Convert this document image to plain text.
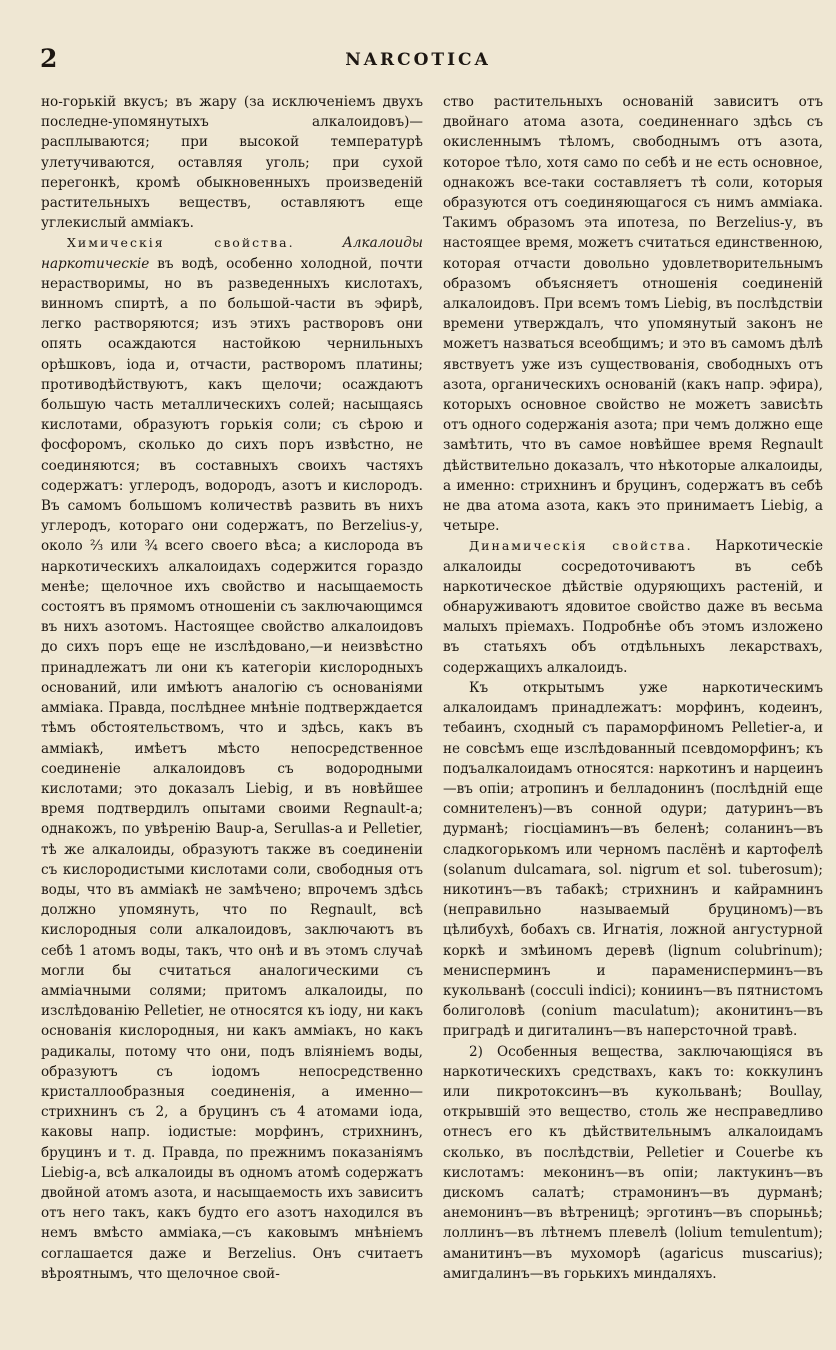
2	NARCOTICA

но-горькій вкусъ; въ жару (за исключеніемъ двухъ последне-упомянутыхъ алкалоидовъ)— расплываются; при высокой температурѣ улетучиваются, оставляя уголь; при сухой перегонкѣ, кромѣ обыкновенныхъ произведеній растительныхъ веществъ, оставляютъ еще углекислый аммiакъ.

Химическія свойства.	Алкалоиды наркотическіе въ водѣ, особенно холодной, почти нерастворимы, но въ разведенныхъ кислотахъ, винномъ спиртѣ, а по большой-части въ эфирѣ, легко растворяются; изъ этихъ растворовъ они опять осаждаются настойкою чернильныхъ орѣшковъ, іода и, отчасти, растворомъ платины; противодѣйствуютъ, какъ щелочи; осаждаютъ большую часть металлическихъ солей; насыщаясь кислотами, образуютъ горькія соли; съ сѣрою и фосфоромъ, сколько до сихъ поръ извѣстно, не соединяются; въ составныхъ своихъ частяхъ содержатъ: углеродъ, водородъ, азотъ и кислородъ. Въ самомъ большомъ количествѣ развить въ нихъ углеродъ, котораго они содержатъ, по Berzelius-у, около ⅔ или ¾ всего своего вѣса; а кислорода въ наркотическихъ алкалоидахъ содержится гораздо менѣе; щелочное ихъ свойство и насыщаемость состоятъ въ прямомъ отношеніи съ заключающимся въ нихъ азотомъ. Настоящее свойство алкалоидовъ до сихъ поръ еще не изслѣдовано,—и неизвѣстно принадлежатъ ли они къ категоріи кислородныхъ оснований, или имѣютъ аналогію съ основаніями аммiака. Правда, послѣднее мнѣніе подтверждается тѣмъ обстоятельствомъ, что и здѣсь, какъ въ аммiакѣ, имѣетъ мѣсто непосредственное соединеніе алкалоидовъ съ водородными кислотами; это доказалъ Liebig, и въ новѣйшее время подтвердилъ опытами своими Regnault-а; однакожъ, по увѣренію Baup-а, Serullas-а и Pelletier, тѣ же алкалоиды, образуютъ также въ соединеніи съ кислородистыми кислотами соли, свободныя отъ воды, что въ аммiакѣ не замѣчено; впрочемъ здѣсь должно упомянуть, что по Regnault, всѣ кислородныя соли алкалоидовъ, заключаютъ въ себѣ 1 атомъ воды, такъ, что онѣ и въ этомъ случаѣ могли бы считаться аналогическими съ аммiачными солями; притомъ алкалоиды, по изслѣдованію Pelletier, не относятся къ іоду, ни какъ основанія кислородныя, ни какъ аммiакъ, но какъ радикалы, потому что они, подъ вліяніемъ воды, образуютъ съ іодомъ непосредственно кристаллообразныя соединенія, а именно—стрихнинъ съ 2, а бруцинъ съ 4 атомами іода, каковы напр. іодистые: морфинъ, стрихнинъ, бруцинъ и т. д. Правда, по прежнимъ показаніямъ Liebig-а, всѣ алкалоиды въ одномъ атомѣ содержатъ двойной атомъ азота, и насыщаемость ихъ зависитъ отъ него такъ, какъ будто его азотъ находился въ немъ вмѣсто аммiака,—съ каковымъ мнѣніемъ соглашается даже и Berzelius. Онъ считаетъ вѣроятнымъ, что щелочное свой-

ство растительныхъ основаній зависитъ отъ двойнаго атома азота, соединеннаго здѣсь съ окисленнымъ тѣломъ, свободнымъ отъ азота, которое тѣло, хотя само по себѣ и не есть основное, однакожъ все-таки составляетъ тѣ соли, которыя образуются отъ соединяющагося съ нимъ аммiака. Такимъ образомъ эта ипотеза, по Berzelius-у, въ настоящее время, можетъ считаться единственною, которая отчасти довольно удовлетворительнымъ образомъ объясняетъ отношенія соединеній алкалоидовъ. При всемъ томъ Liebig, въ послѣдствіи времени утверждалъ, что упомянутый законъ не можетъ назваться всеобщимъ; и это въ самомъ дѣлѣ явствуетъ уже изъ существованія, свободныхъ отъ азота, органическихъ основаній (какъ напр. эфира), которыхъ основное свойство не можетъ зависѣть отъ одного содержанія азота; при чемъ должно еще замѣтить, что въ самое новѣйшее время Regnault дѣйствительно доказалъ, что нѣкоторые алкалоиды, а именно: стрихнинъ и бруцинъ, содержатъ въ себѣ не два атома азота, какъ это принимаетъ Liebig, а четыре.

Динамическія свойства. Наркотическіе алкалоиды сосредоточиваютъ въ себѣ наркотическое дѣйствіе одуряющихъ растеній, и обнаруживаютъ ядовитое свойство даже въ весьма малыхъ пріемахъ. Подробнѣе объ этомъ изложено въ статьяхъ объ отдѣльныхъ лекарствахъ, содержащихъ алкалоидъ.

Къ открытымъ уже наркотическимъ алкалоидамъ принадлежатъ: морфинъ, кодеинъ, тебаинъ, сходный съ параморфиномъ Pelletier-а, и не совсѣмъ еще изслѣдованный псевдоморфинъ; къ подъалкалоидамъ относятся: наркотинъ и нарцеинъ—въ опіи; атропинъ и белладонинъ (послѣдній еще сомнителенъ)—въ сонной одури; датуринъ—въ дурманѣ; гіосціаминъ—въ беленѣ; соланинъ—въ сладкогорькомъ или черномъ паслёнѣ и картофелѣ (solanum dulcamara, sol. nigrum et sol. tuberosum); никотинъ—въ табакѣ; стрихнинъ и кайрамнинъ (неправильно называемый бруциномъ)—въ цѣлибухѣ, бобахъ св. Игнатія, ложной ангустурной коркѣ и змѣиномъ деревѣ (lignum colubrinum); менисперминъ и параменисперминъ—въ кукольванѣ (cocculi indici); кониинъ—въ пятнистомъ болиголовѣ (conium maculatum); аконитинъ—въ приградѣ и дигиталинъ—въ наперсточной травѣ.

2) Особенныя вещества, заключающіяся въ наркотическихъ средствахъ, какъ то: коккулинъ или пикротоксинъ—въ кукольванѣ; Boullay, открывшій это вещество, столь же несправедливо отнесъ его къ дѣйствительнымъ алкалоидамъ сколько, въ послѣдствіи, Pelletier и Couerbe къ кислотамъ: меконинъ—въ опіи; лактукинъ—въ диcкомъ салатѣ; страмонинъ—въ дурманѣ; анемонинъ—въ вѣтреницѣ; эрготинъ—въ спорыньѣ; лоллинъ—въ лѣтнемъ плевелѣ (lolium temulentum); аманитинъ—въ мухоморѣ (agaricus muscarius); амигдалинъ—въ горькихъ миндаляхъ.
